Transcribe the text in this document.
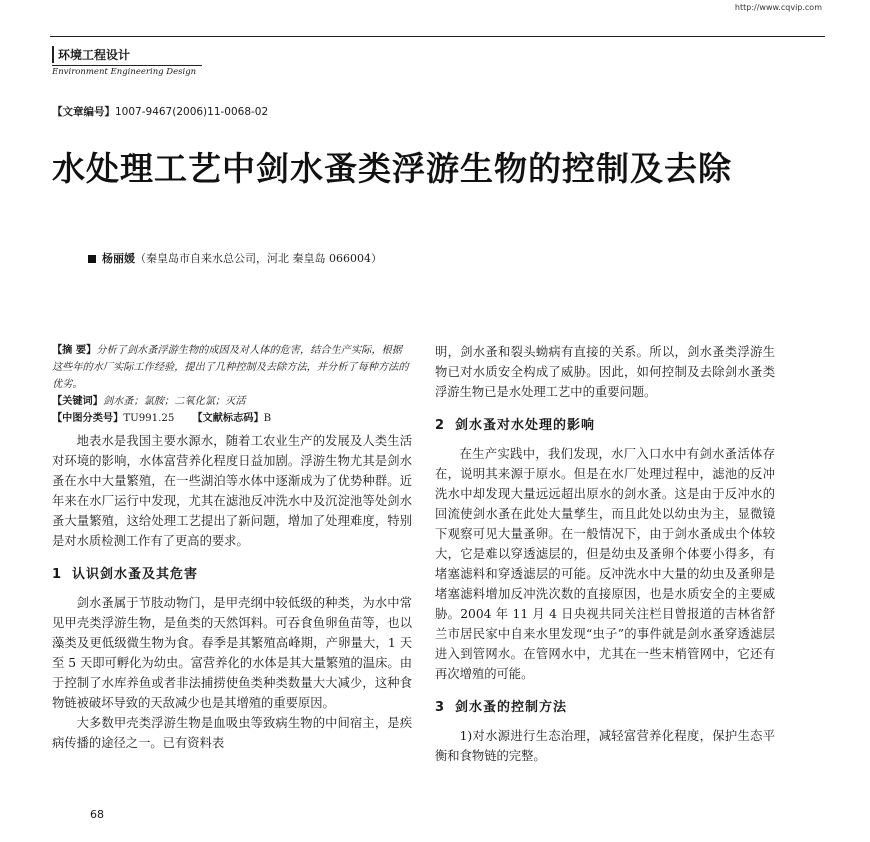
http://www.cqvip.com
环境工程设计
Environment Engineering Design
【文章编号】1007-9467(2006)11-0068-02
水处理工艺中剑水蚤类浮游生物的控制及去除
杨丽媛（秦皇岛市自来水总公司，河北 秦皇岛 066004）
【摘 要】分析了剑水蚤浮游生物的成因及对人体的危害，结合生产实际，根据这些年的水厂实际工作经验，提出了几种控制及去除方法，并分析了每种方法的优劣。
【关键词】剑水蚤；氯胺；二氧化氯；灭活
【中图分类号】TU991.25 【文献标志码】B

地表水是我国主要水源水，随着工农业生产的发展及人类生活对环境的影响，水体富营养化程度日益加剧。浮游生物尤其是剑水蚤在水中大量繁殖，在一些湖泊等水体中逐渐成为了优势种群。近年来在水厂运行中发现，尤其在滤池反冲洗水中及沉淀池等处剑水蚤大量繁殖，这给处理工艺提出了新问题，增加了处理难度，特别是对水质检测工作有了更高的要求。

1 认识剑水蚤及其危害

剑水蚤属于节肢动物门，是甲壳纲中较低级的种类，为水中常见甲壳类浮游生物，是鱼类的天然饵料。可吞食鱼卵鱼苗等，也以藻类及更低级微生物为食。春季是其繁殖高峰期，产卵量大，1 天至 5 天即可孵化为幼虫。富营养化的水体是其大量繁殖的温床。由于控制了水库养鱼或者非法捕捞使鱼类种类数量大大减少，这种食物链被破坏导致的天敌减少也是其增殖的重要原因。

大多数甲壳类浮游生物是血吸虫等致病生物的中间宿主，是疾病传播的途径之一。已有资料表

明，剑水蚤和裂头蚴病有直接的关系。所以，剑水蚤类浮游生物已对水质安全构成了威胁。因此，如何控制及去除剑水蚤类浮游生物已是水处理工艺中的重要问题。

2 剑水蚤对水处理的影响

在生产实践中，我们发现，水厂入口水中有剑水蚤活体存在，说明其来源于原水。但是在水厂处理过程中，滤池的反冲洗水中却发现大量远远超出原水的剑水蚤。这是由于反冲水的回流使剑水蚤在此处大量孳生，而且此处以幼虫为主，显微镜下观察可见大量蚤卵。在一般情况下，由于剑水蚤成虫个体较大，它是难以穿透滤层的，但是幼虫及蚤卵个体要小得多，有堵塞滤料和穿透滤层的可能。反冲洗水中大量的幼虫及蚤卵是堵塞滤料增加反冲洗次数的直接原因，也是水质安全的主要威胁。2004 年 11 月 4 日央视共同关注栏目曾报道的吉林省舒兰市居民家中自来水里发现“虫子”的事件就是剑水蚤穿透滤层进入到管网水。在管网水中，尤其在一些末梢管网中，它还有再次增殖的可能。

3 剑水蚤的控制方法

1)对水源进行生态治理，减轻富营养化程度，保护生态平衡和食物链的完整。

68
